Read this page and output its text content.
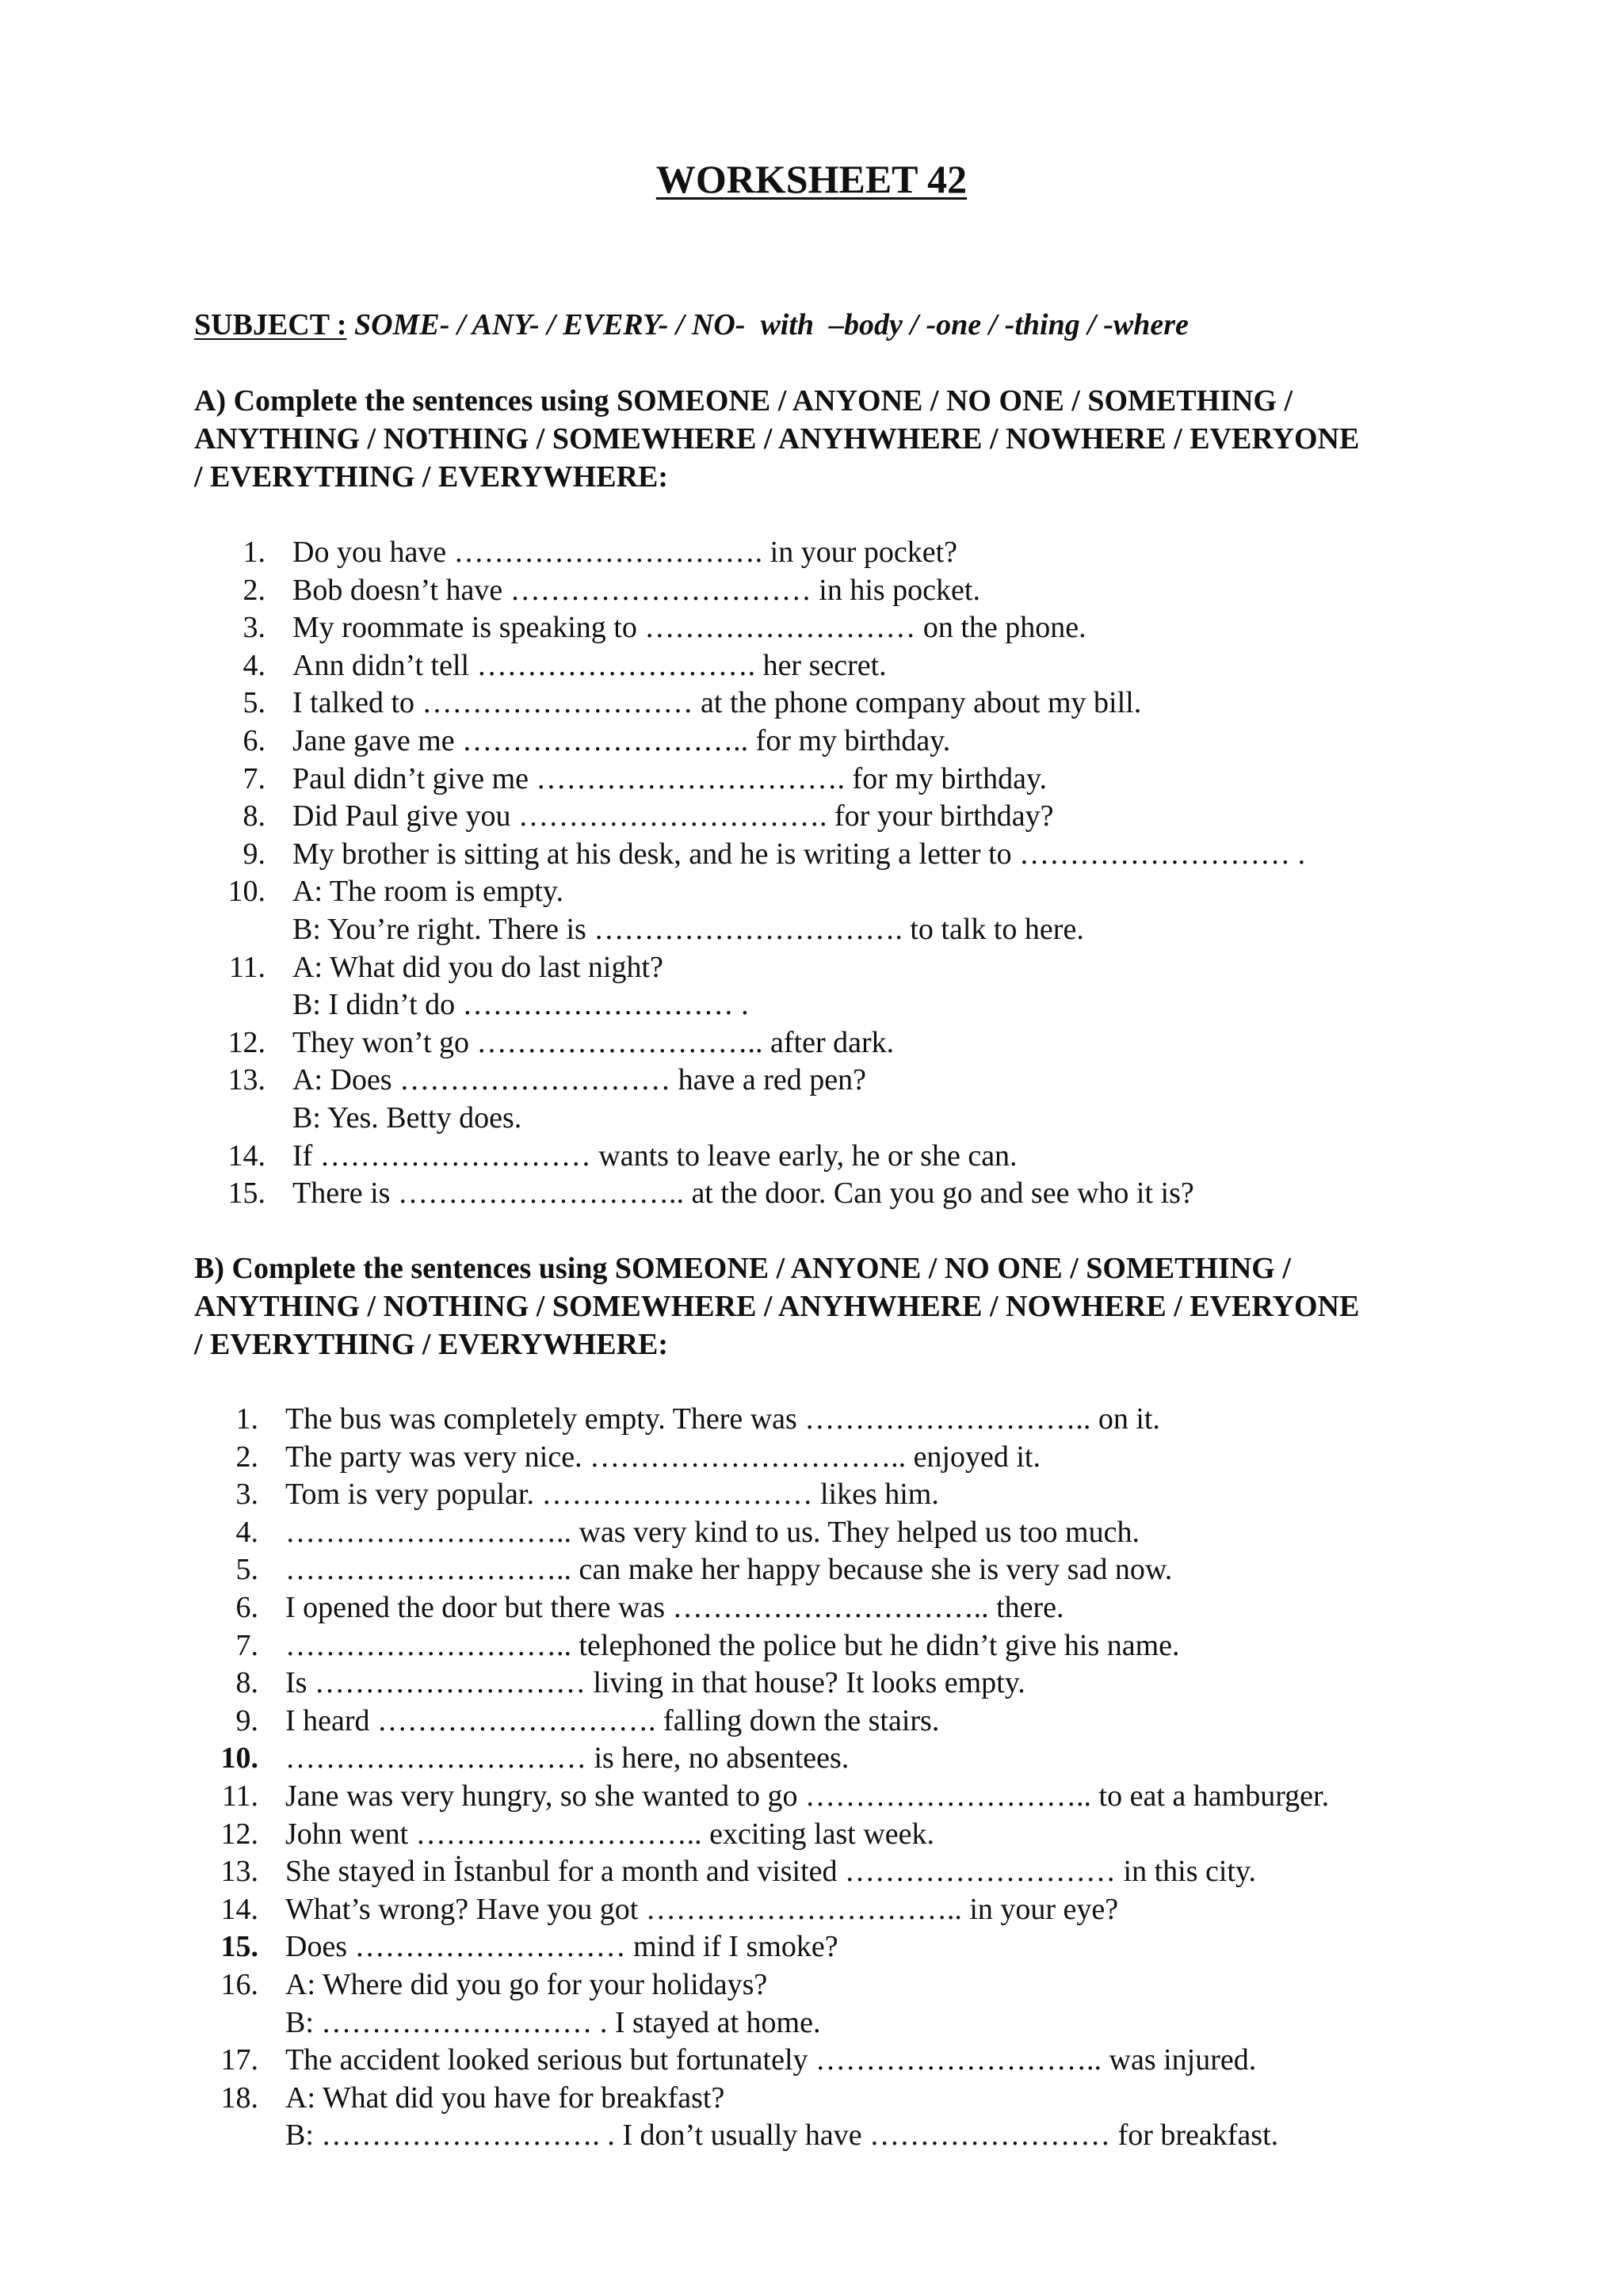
WORKSHEET 42
SUBJECT : SOME- / ANY- / EVERY- / NO-  with  –body / -one / -thing / -where
A) Complete the sentences using SOMEONE / ANYONE / NO ONE / SOMETHING /
ANYTHING / NOTHING / SOMEWHERE / ANYHWHERE / NOWHERE / EVERYONE
/ EVERYTHING / EVERYWHERE:
1. Do you have …………………………. in your pocket?
2. Bob doesn’t have ………………………… in his pocket.
3. My roommate is speaking to ……………………… on the phone.
4. Ann didn’t tell ………………………. her secret.
5. I talked to ……………………… at the phone company about my bill.
6. Jane gave me ……………………….. for my birthday.
7. Paul didn’t give me …………………………. for my birthday.
8. Did Paul give you …………………………. for your birthday?
9. My brother is sitting at his desk, and he is writing a letter to ……………………… .
10. A: The room is empty.
B: You’re right. There is …………………………. to talk to here.
11. A: What did you do last night?
B: I didn’t do ……………………… .
12. They won’t go ……………………….. after dark.
13. A: Does ……………………… have a red pen?
B: Yes. Betty does.
14. If ……………………… wants to leave early, he or she can.
15. There is ……………………….. at the door. Can you go and see who it is?
B) Complete the sentences using SOMEONE / ANYONE / NO ONE / SOMETHING /
ANYTHING / NOTHING / SOMEWHERE / ANYHWHERE / NOWHERE / EVERYONE
/ EVERYTHING / EVERYWHERE:
1. The bus was completely empty. There was ……………………….. on it.
2. The party was very nice. ………………………….. enjoyed it.
3. Tom is very popular. ……………………… likes him.
4. ……………………….. was very kind to us. They helped us too much.
5. ……………………….. can make her happy because she is very sad now.
6. I opened the door but there was ………………………….. there.
7. ……………………….. telephoned the police but he didn’t give his name.
8. Is ……………………… living in that house? It looks empty.
9. I heard ………………………. falling down the stairs.
10. ………………………… is here, no absentees.
11. Jane was very hungry, so she wanted to go ……………………….. to eat a hamburger.
12. John went ……………………….. exciting last week.
13. She stayed in İstanbul for a month and visited ……………………… in this city.
14. What’s wrong? Have you got ………………………….. in your eye?
15. Does ……………………… mind if I smoke?
16. A: Where did you go for your holidays?
B: ……………………… . I stayed at home.
17. The accident looked serious but fortunately ……………………….. was injured.
18. A: What did you have for breakfast?
B: ………………………. . I don’t usually have …………………… for breakfast.
